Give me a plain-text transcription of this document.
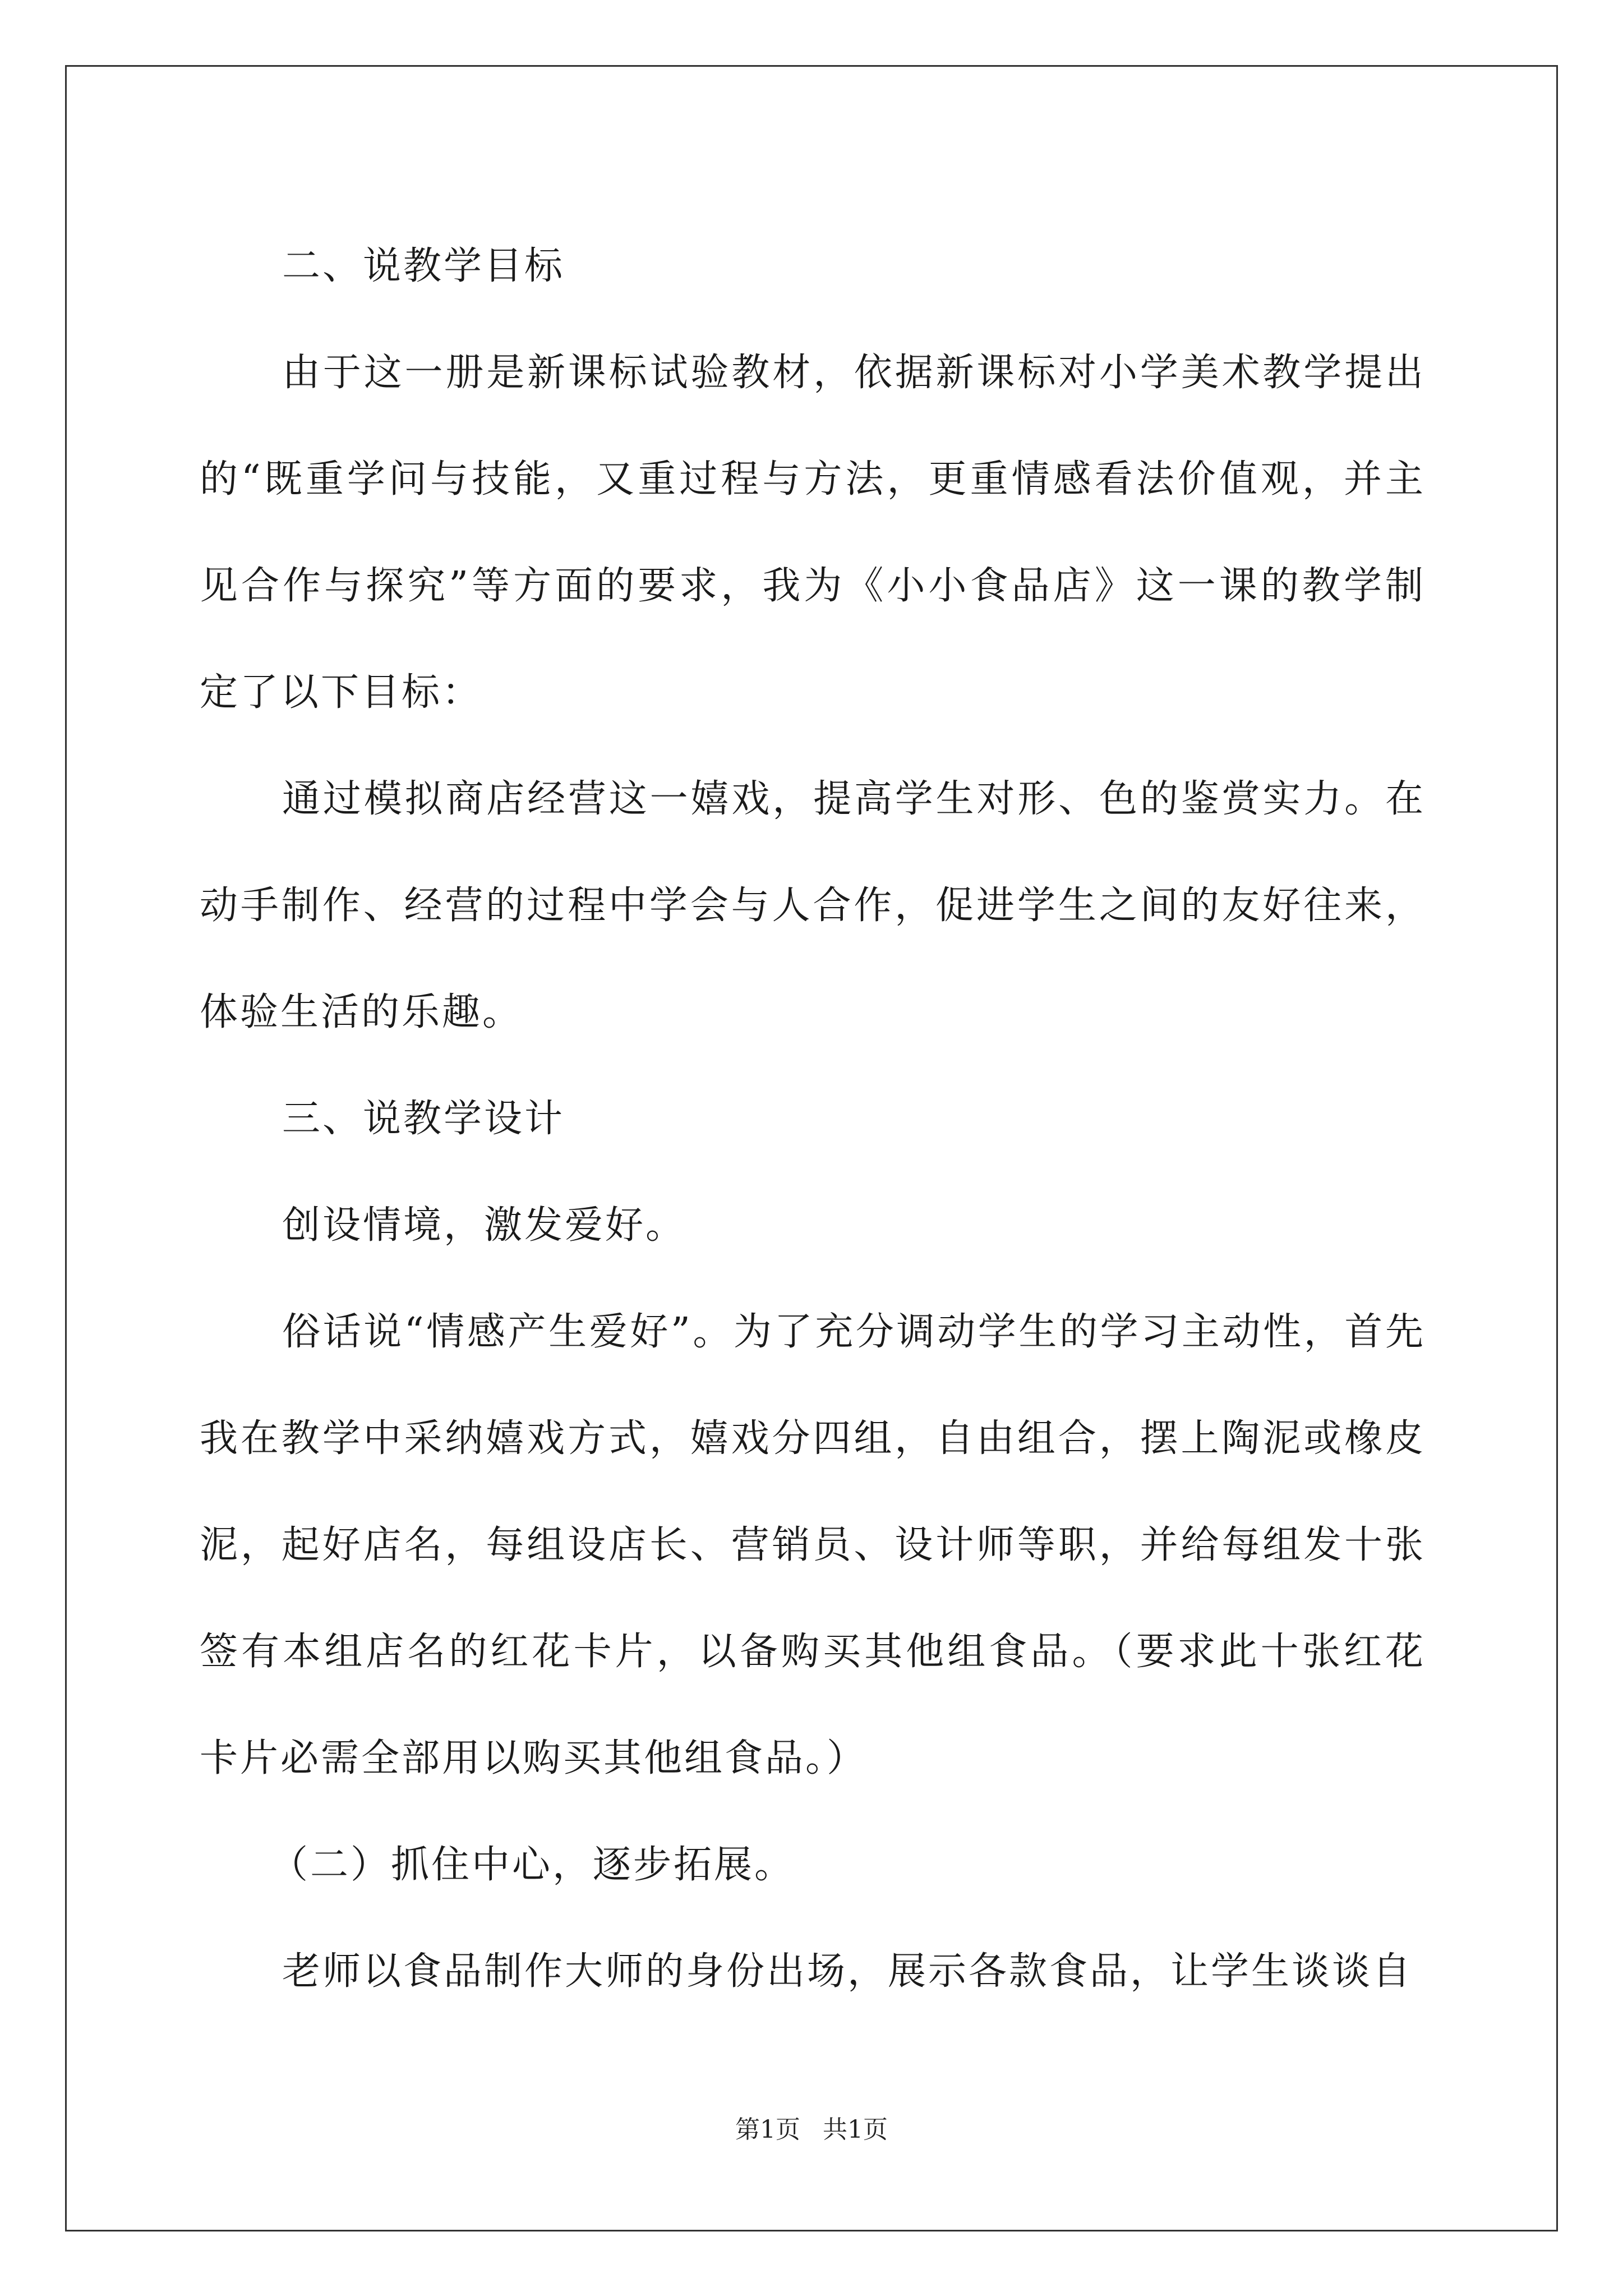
二、说教学目标

由于这一册是新课标试验教材，依据新课标对小学美术教学提出的“既重学问与技能，又重过程与方法，更重情感看法价值观，并主见合作与探究”等方面的要求，我为《小小食品店》这一课的教学制定了以下目标：

通过模拟商店经营这一嬉戏，提高学生对形、色的鉴赏实力。在动手制作、经营的过程中学会与人合作，促进学生之间的友好往来，体验生活的乐趣。

三、说教学设计

创设情境，激发爱好。

俗话说“情感产生爱好”。为了充分调动学生的学习主动性，首先我在教学中采纳嬉戏方式，嬉戏分四组，自由组合，摆上陶泥或橡皮泥，起好店名，每组设店长、营销员、设计师等职，并给每组发十张签有本组店名的红花卡片，以备购买其他组食品。（要求此十张红花卡片必需全部用以购买其他组食品。）

（二）抓住中心，逐步拓展。

老师以食品制作大师的身份出场，展示各款食品，让学生谈谈自

第1页 共1页
